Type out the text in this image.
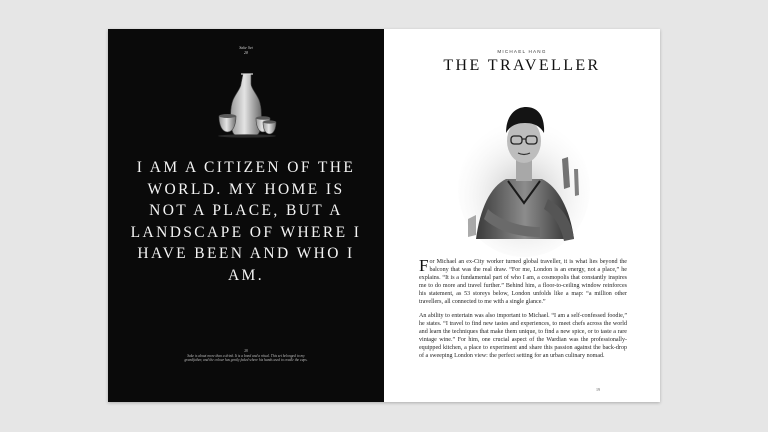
Sake Set
28
I AM A CITIZEN OF THE WORLD. MY HOME IS NOT A PLACE, BUT A LANDSCAPE OF WHERE I HAVE BEEN AND WHO I AM.
28
Sake is about more than a drink. It is a bond and a ritual. This set belonged to my grandfather, and the colour has gently faded where his hands used to cradle the cups.
MICHAEL HANG
THE TRAVELLER

For Michael an ex-City worker turned global traveller, it is what lies beyond the balcony that was the real draw. “For me, London is an energy, not a place,” he explains. “It is a fundamental part of who I am, a cosmopolis that constantly inspires me to do more and travel further.” Behind him, a floor-to-ceiling window reinforces his statement, as 53 storeys below, London unfolds like a map: “a million other travellers, all connected to me with a single glance.”

An ability to entertain was also important to Michael. “I am a self-confessed foodie,” he states. “I travel to find new tastes and experiences, to meet chefs across the world and learn the techniques that make them unique, to find a new spice, or to taste a rare vintage wine.” For him, one crucial aspect of the Wardian was the professionally-equipped kitchen, a place to experiment and share this passion against the back-drop of a sweeping London view: the perfect setting for an urban culinary nomad.

19
